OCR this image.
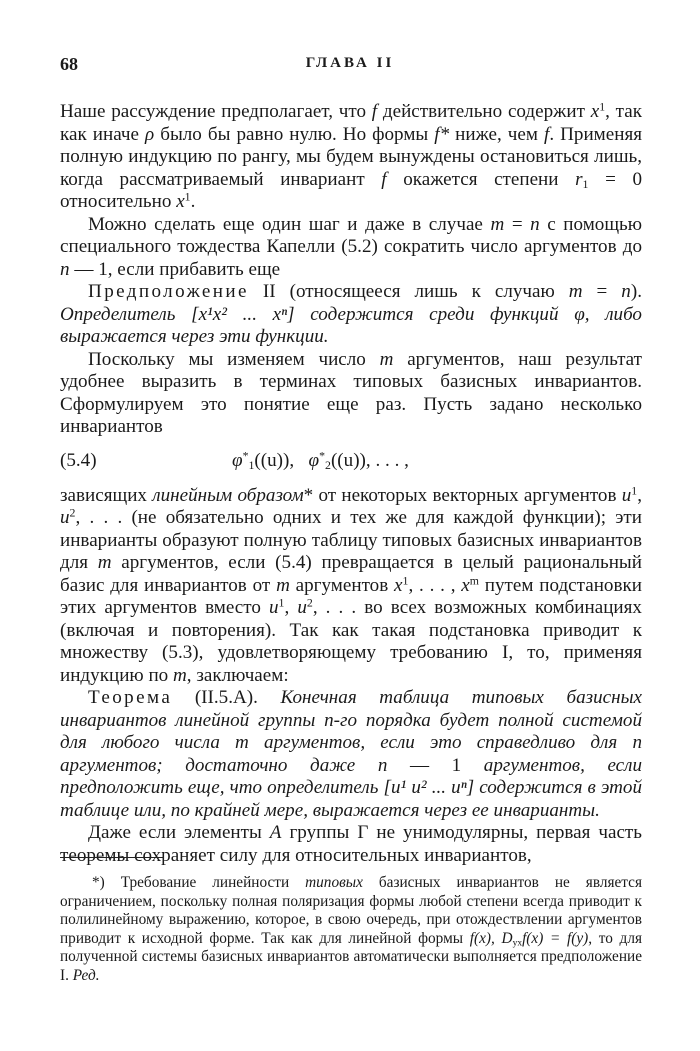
68	ГЛАВА II

Наше рассуждение предполагает, что f действительно содержит $x^1$, так как иначе ρ было бы равно нулю. Но формы f* ниже, чем f. Применяя полную индукцию по рангу, мы будем вынуждены остановиться лишь, когда рассматриваемый инвариант f окажется степени $r_1 = 0$ относительно $x^1$.

Можно сделать еще один шаг и даже в случае m = n с помощью специального тождества Капелли (5.2) сократить число аргументов до n — 1, если прибавить еще

Предположение II (относящееся лишь к случаю m = n). Определитель [x¹x² ... xⁿ] содержится среди функций φ, либо выражается через эти функции.

Поскольку мы изменяем число m аргументов, наш результат удобнее выразить в терминах типовых базисных инвариантов. Сформулируем это понятие еще раз. Пусть задано несколько инвариантов

(5.4)	$\varphi^*_1((u))$, $\varphi^*_2((u))$, . . . ,

зависящих линейным образом* от некоторых векторных аргументов $u^1$, $u^2$, . . . (не обязательно одних и тех же для каждой функции); эти инварианты образуют полную таблицу типовых базисных инвариантов для m аргументов, если (5.4) превращается в целый рациональный базис для инвариантов от m аргументов $x^1$, . . . , $x^m$ путем подстановки этих аргументов вместо $u^1$, $u^2$, . . . во всех возможных комбинациях (включая и повторения). Так как такая подстановка приводит к множеству (5.3), удовлетворяющему требованию I, то, применяя индукцию по m, заключаем:

Теорема (II.5.A). Конечная таблица типовых базисных инвариантов линейной группы n-го порядка будет полной системой для любого числа m аргументов, если это справедливо для n аргументов; достаточно даже n — 1 аргументов, если предположить еще, что определитель [u¹ u² ... uⁿ] содержится в этой таблице или, по крайней мере, выражается через ее инварианты.

Даже если элементы A группы Γ не унимодулярны, первая часть теоремы сохраняет силу для относительных инвариантов,

*) Требование линейности типовых базисных инвариантов не является ограничением, поскольку полная поляризация формы любой степени всегда приводит к полилинейному выражению, которое, в свою очередь, при отождествлении аргументов приводит к исходной форме. Так как для линейной формы f(x), $D_{yx}f(x) = f(y)$, то для полученной системы базисных инвариантов автоматически выполняется предположение I. Ред.
